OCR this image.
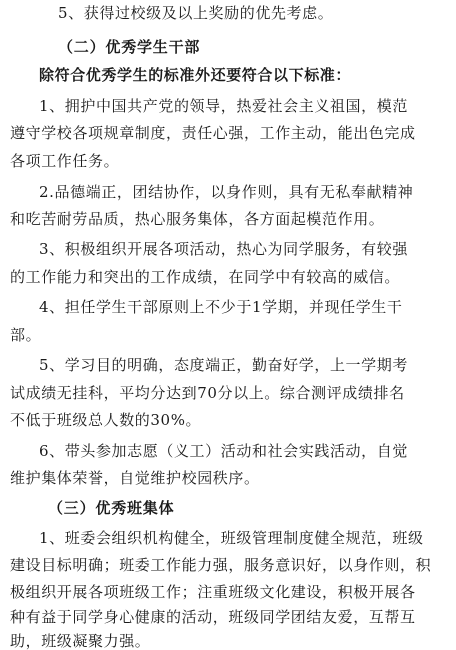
5、获得过校级及以上奖励的优先考虑。
（二）优秀学生干部
除符合优秀学生的标准外还要符合以下标准：
1、拥护中国共产党的领导，热爱社会主义祖国，模范
遵守学校各项规章制度，责任心强，工作主动，能出色完成
各项工作任务。
2.品德端正，团结协作，以身作则，具有无私奉献精神
和吃苦耐劳品质，热心服务集体，各方面起模范作用。
3、积极组织开展各项活动，热心为同学服务，有较强
的工作能力和突出的工作成绩，在同学中有较高的威信。
4、担任学生干部原则上不少于1学期，并现任学生干
部。
5、学习目的明确，态度端正，勤奋好学，上一学期考
试成绩无挂科，平均分达到70分以上。综合测评成绩排名
不低于班级总人数的30%。
6、带头参加志愿（义工）活动和社会实践活动，自觉
维护集体荣誉，自觉维护校园秩序。
（三）优秀班集体
1、班委会组织机构健全，班级管理制度健全规范，班级
建设目标明确；班委工作能力强，服务意识好，以身作则，积
极组织开展各项班级工作；注重班级文化建设，积极开展各
种有益于同学身心健康的活动，班级同学团结友爱，互帮互
助，班级凝聚力强。
